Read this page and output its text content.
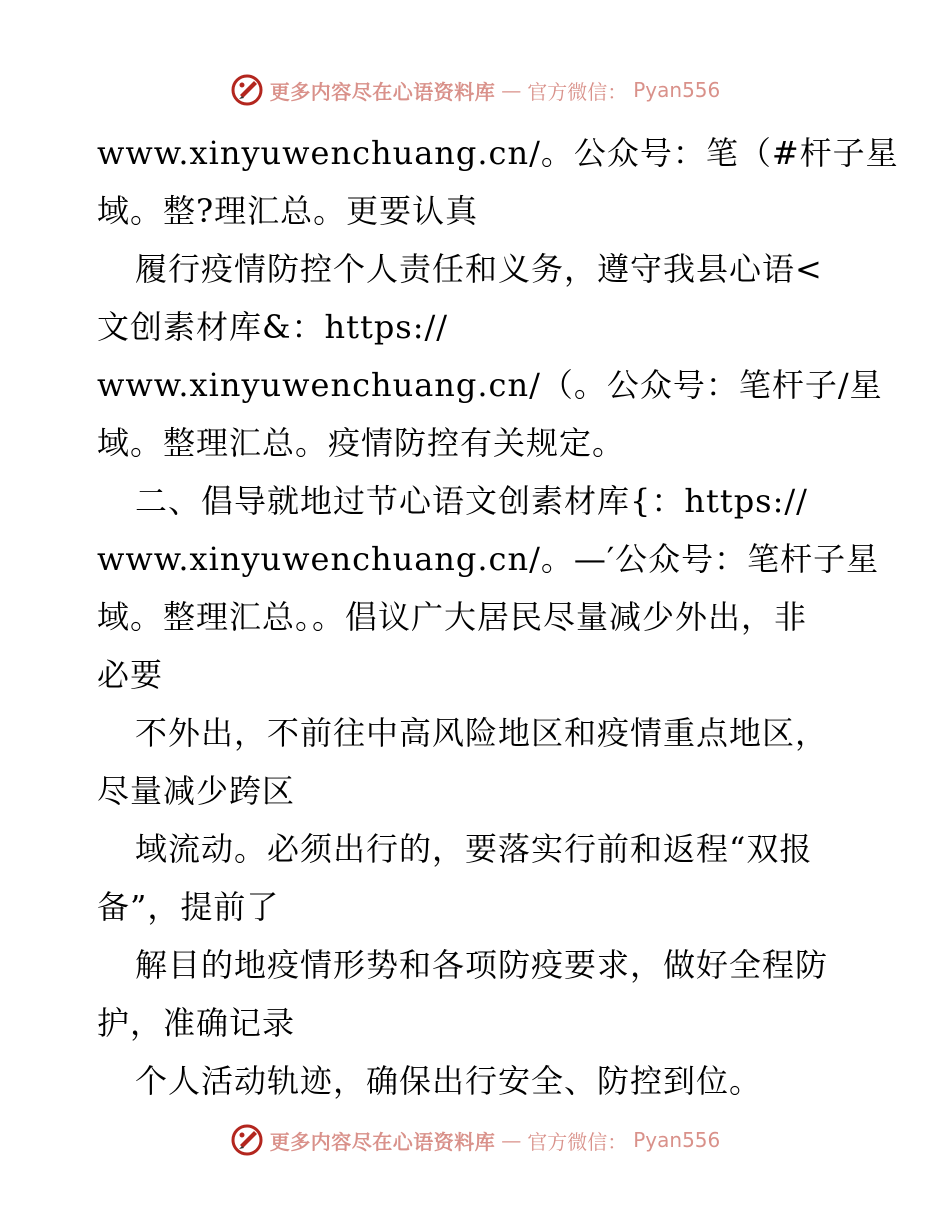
更多内容尽在心语资料库 — 官方微信： Pyan556
www.xinyuwenchuang.cn/。公众号：笔（#杆子星
域。整?理汇总。更要认真
履行疫情防控个人责任和义务，遵守我县心语<
文创素材库&：https://
www.xinyuwenchuang.cn/（。公众号：笔杆子/星
域。整理汇总。疫情防控有关规定。
二、倡导就地过节心语文创素材库{：https://
www.xinyuwenchuang.cn/。—′公众号：笔杆子星
域。整理汇总。。倡议广大居民尽量减少外出，非
必要
不外出，不前往中高风险地区和疫情重点地区，
尽量减少跨区
域流动。必须出行的，要落实行前和返程“双报
备”，提前了
解目的地疫情形势和各项防疫要求，做好全程防
护，准确记录
个人活动轨迹，确保出行安全、防控到位。
更多内容尽在心语资料库 — 官方微信： Pyan556
